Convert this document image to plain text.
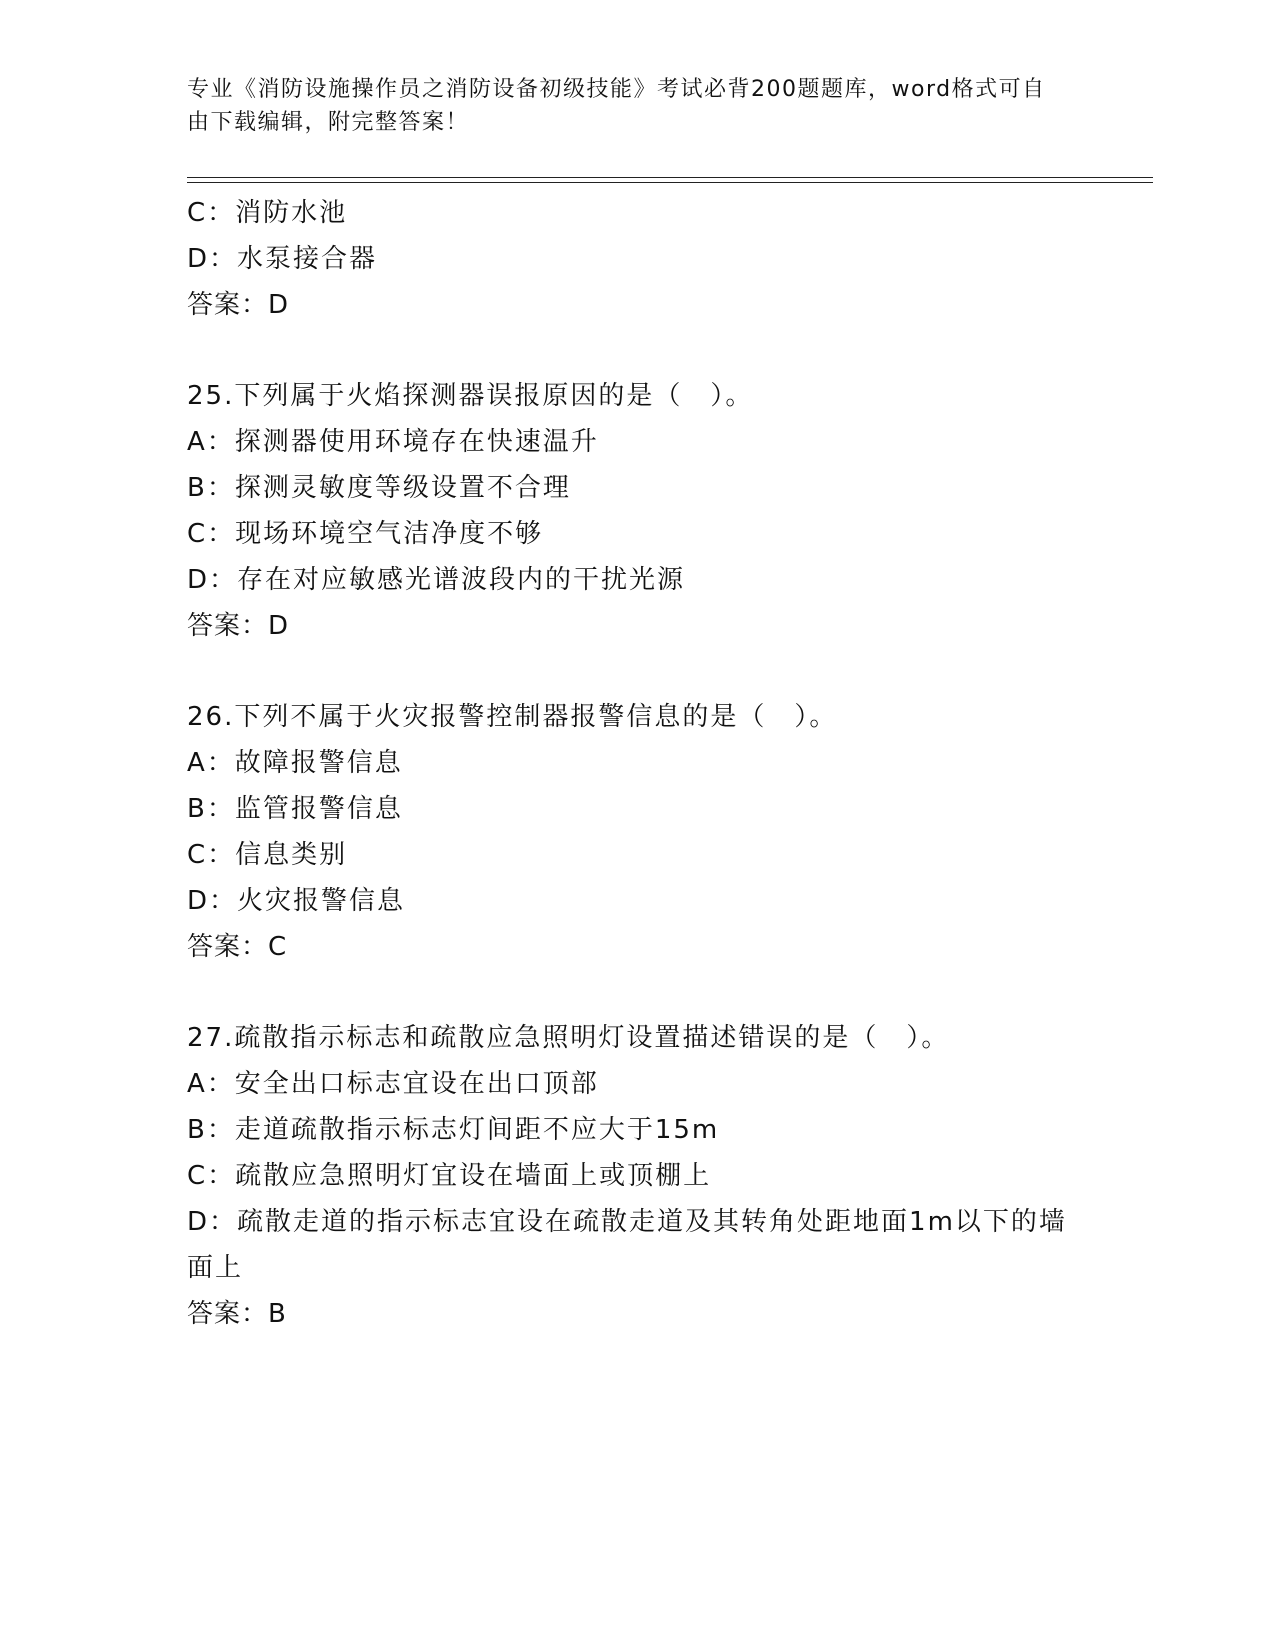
专业《消防设施操作员之消防设备初级技能》考试必背200题题库，word格式可自由下载编辑，附完整答案！
C：消防水池
D：水泵接合器
答案：D
25.下列属于火焰探测器误报原因的是（　）。
A：探测器使用环境存在快速温升
B：探测灵敏度等级设置不合理
C：现场环境空气洁净度不够
D：存在对应敏感光谱波段内的干扰光源
答案：D
26.下列不属于火灾报警控制器报警信息的是（　）。
A：故障报警信息
B：监管报警信息
C：信息类别
D：火灾报警信息
答案：C
27.疏散指示标志和疏散应急照明灯设置描述错误的是（　）。
A：安全出口标志宜设在出口顶部
B：走道疏散指示标志灯间距不应大于15m
C：疏散应急照明灯宜设在墙面上或顶棚上
D：疏散走道的指示标志宜设在疏散走道及其转角处距地面1m以下的墙面上
答案：B
